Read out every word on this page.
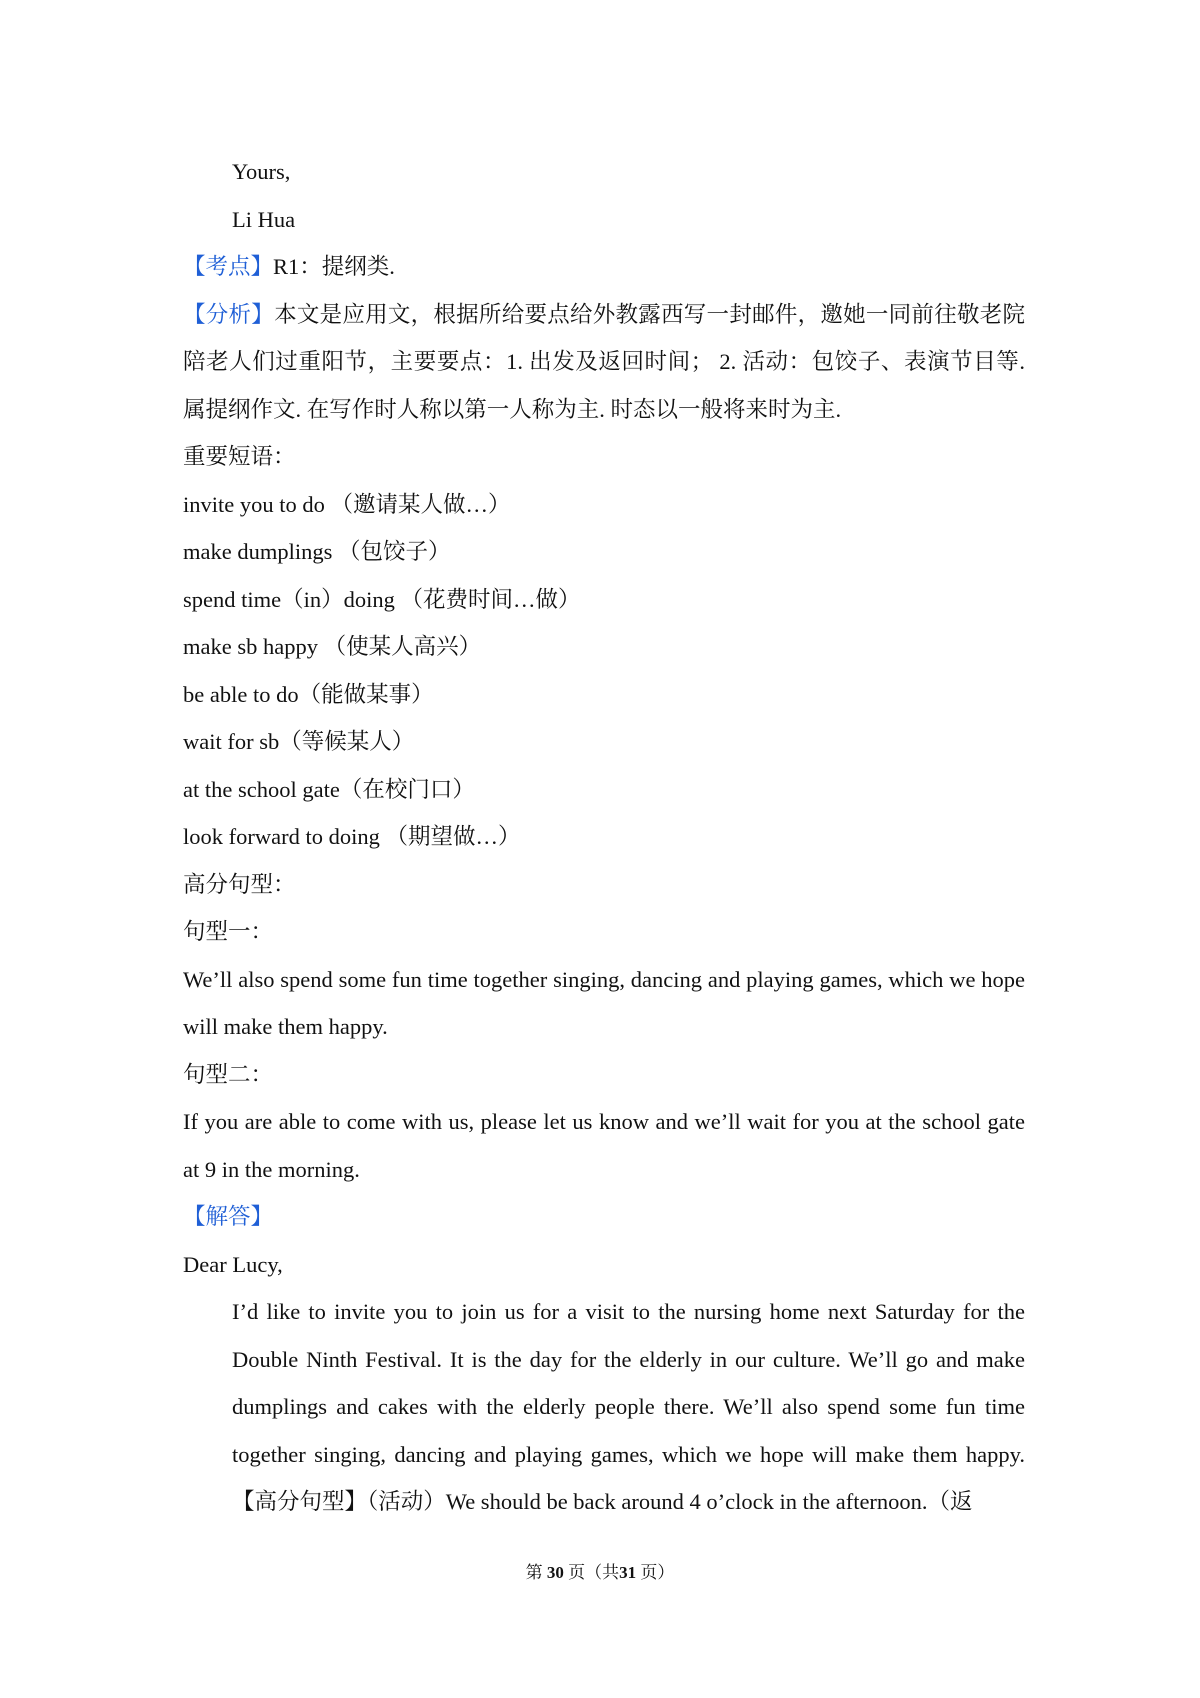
Yours,

Li Hua

【考点】R1：提纲类.

【分析】本文是应用文，根据所给要点给外教露西写一封邮件，邀她一同前往敬老院陪老人们过重阳节，主要要点：1. 出发及返回时间； 2. 活动：包饺子、表演节目等. 属提纲作文. 在写作时人称以第一人称为主. 时态以一般将来时为主.

重要短语：

invite you to do （邀请某人做…）

make dumplings （包饺子）

spend time（in）doing （花费时间…做）

make sb happy （使某人高兴）

be able to do（能做某事）

wait for sb（等候某人）

at the school gate（在校门口）

look forward to doing （期望做…）

高分句型：

句型一：

We’ll also spend some fun time together singing, dancing and playing games, which we hope will make them happy.

句型二：

If you are able to come with us, please let us know and we’ll wait for you at the school gate at 9 in the morning.

【解答】

Dear Lucy,

I’d like to invite you to join us for a visit to the nursing home next Saturday for the Double Ninth Festival. It is the day for the elderly in our culture. We’ll go and make dumplings and cakes with the elderly people there. We’ll also spend some fun time together singing, dancing and playing games, which we hope will make them happy.【高分句型】（活动）We should be back around 4 o’clock in the afternoon.（返

第 30 页（共31 页）
